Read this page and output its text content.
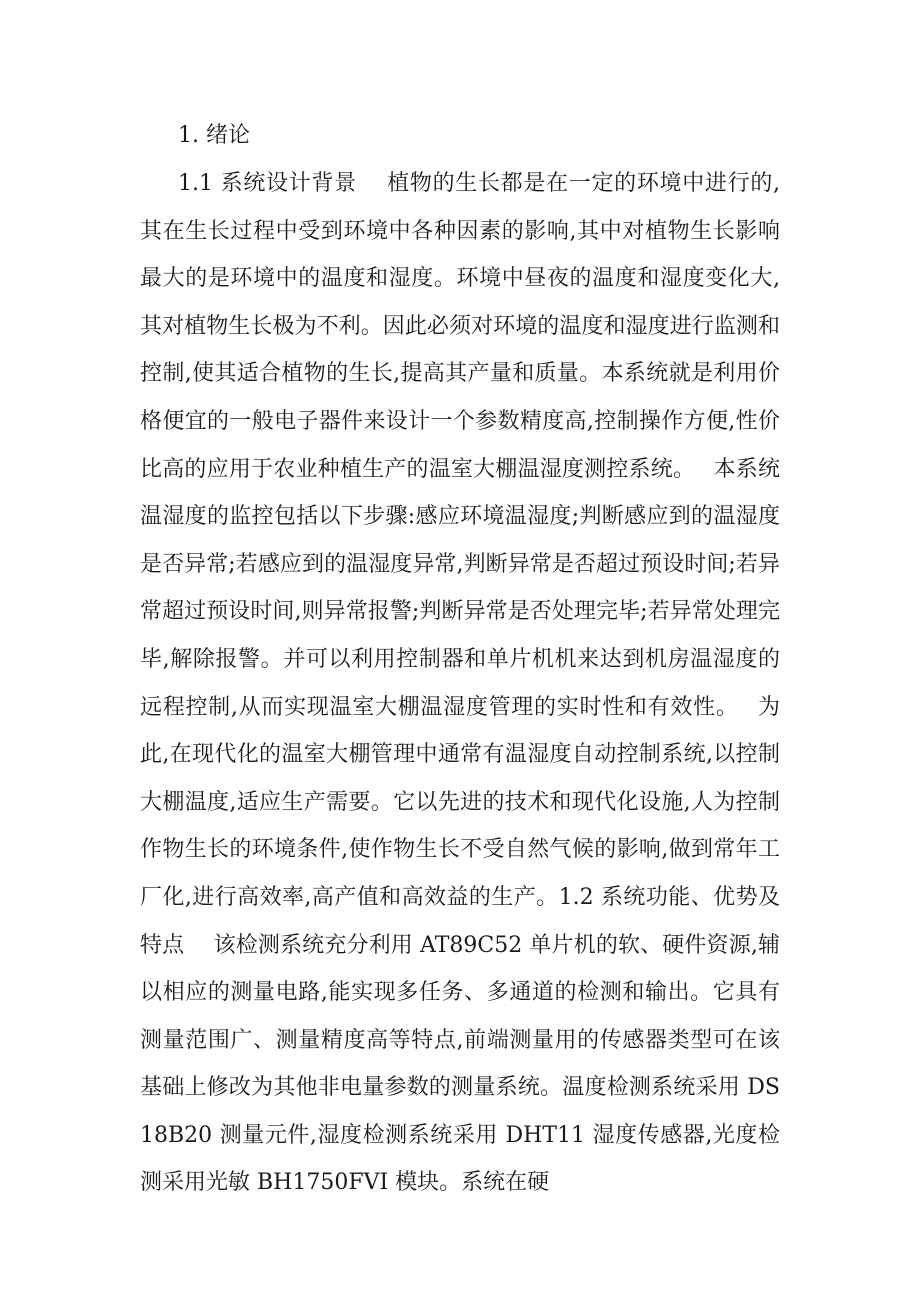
1. 绪论

1.1 系统设计背景　 植物的生长都是在一定的环境中进行的,其在生长过程中受到环境中各种因素的影响,其中对植物生长影响最大的是环境中的温度和湿度。环境中昼夜的温度和湿度变化大,其对植物生长极为不利。因此必须对环境的温度和湿度进行监测和控制,使其适合植物的生长,提高其产量和质量。本系统就是利用价格便宜的一般电子器件来设计一个参数精度高,控制操作方便,性价比高的应用于农业种植生产的温室大棚温湿度测控系统。　 本系统温湿度的监控包括以下步骤:感应环境温湿度;判断感应到的温湿度是否异常;若感应到的温湿度异常,判断异常是否超过预设时间;若异常超过预设时间,则异常报警;判断异常是否处理完毕;若异常处理完毕,解除报警。并可以利用控制器和单片机机来达到机房温湿度的远程控制,从而实现温室大棚温湿度管理的实时性和有效性。　 为此,在现代化的温室大棚管理中通常有温湿度自动控制系统,以控制大棚温度,适应生产需要。它以先进的技术和现代化设施,人为控制作物生长的环境条件,使作物生长不受自然气候的影响,做到常年工厂化,进行高效率,高产值和高效益的生产。1.2 系统功能、优势及特点　 该检测系统充分利用 AT89C52 单片机的软、硬件资源,辅以相应的测量电路,能实现多任务、多通道的检测和输出。它具有测量范围广、测量精度高等特点,前端测量用的传感器类型可在该基础上修改为其他非电量参数的测量系统。温度检测系统采用 DS18B20 测量元件,湿度检测系统采用 DHT11 湿度传感器,光度检测采用光敏 BH1750FVI 模块。系统在硬
